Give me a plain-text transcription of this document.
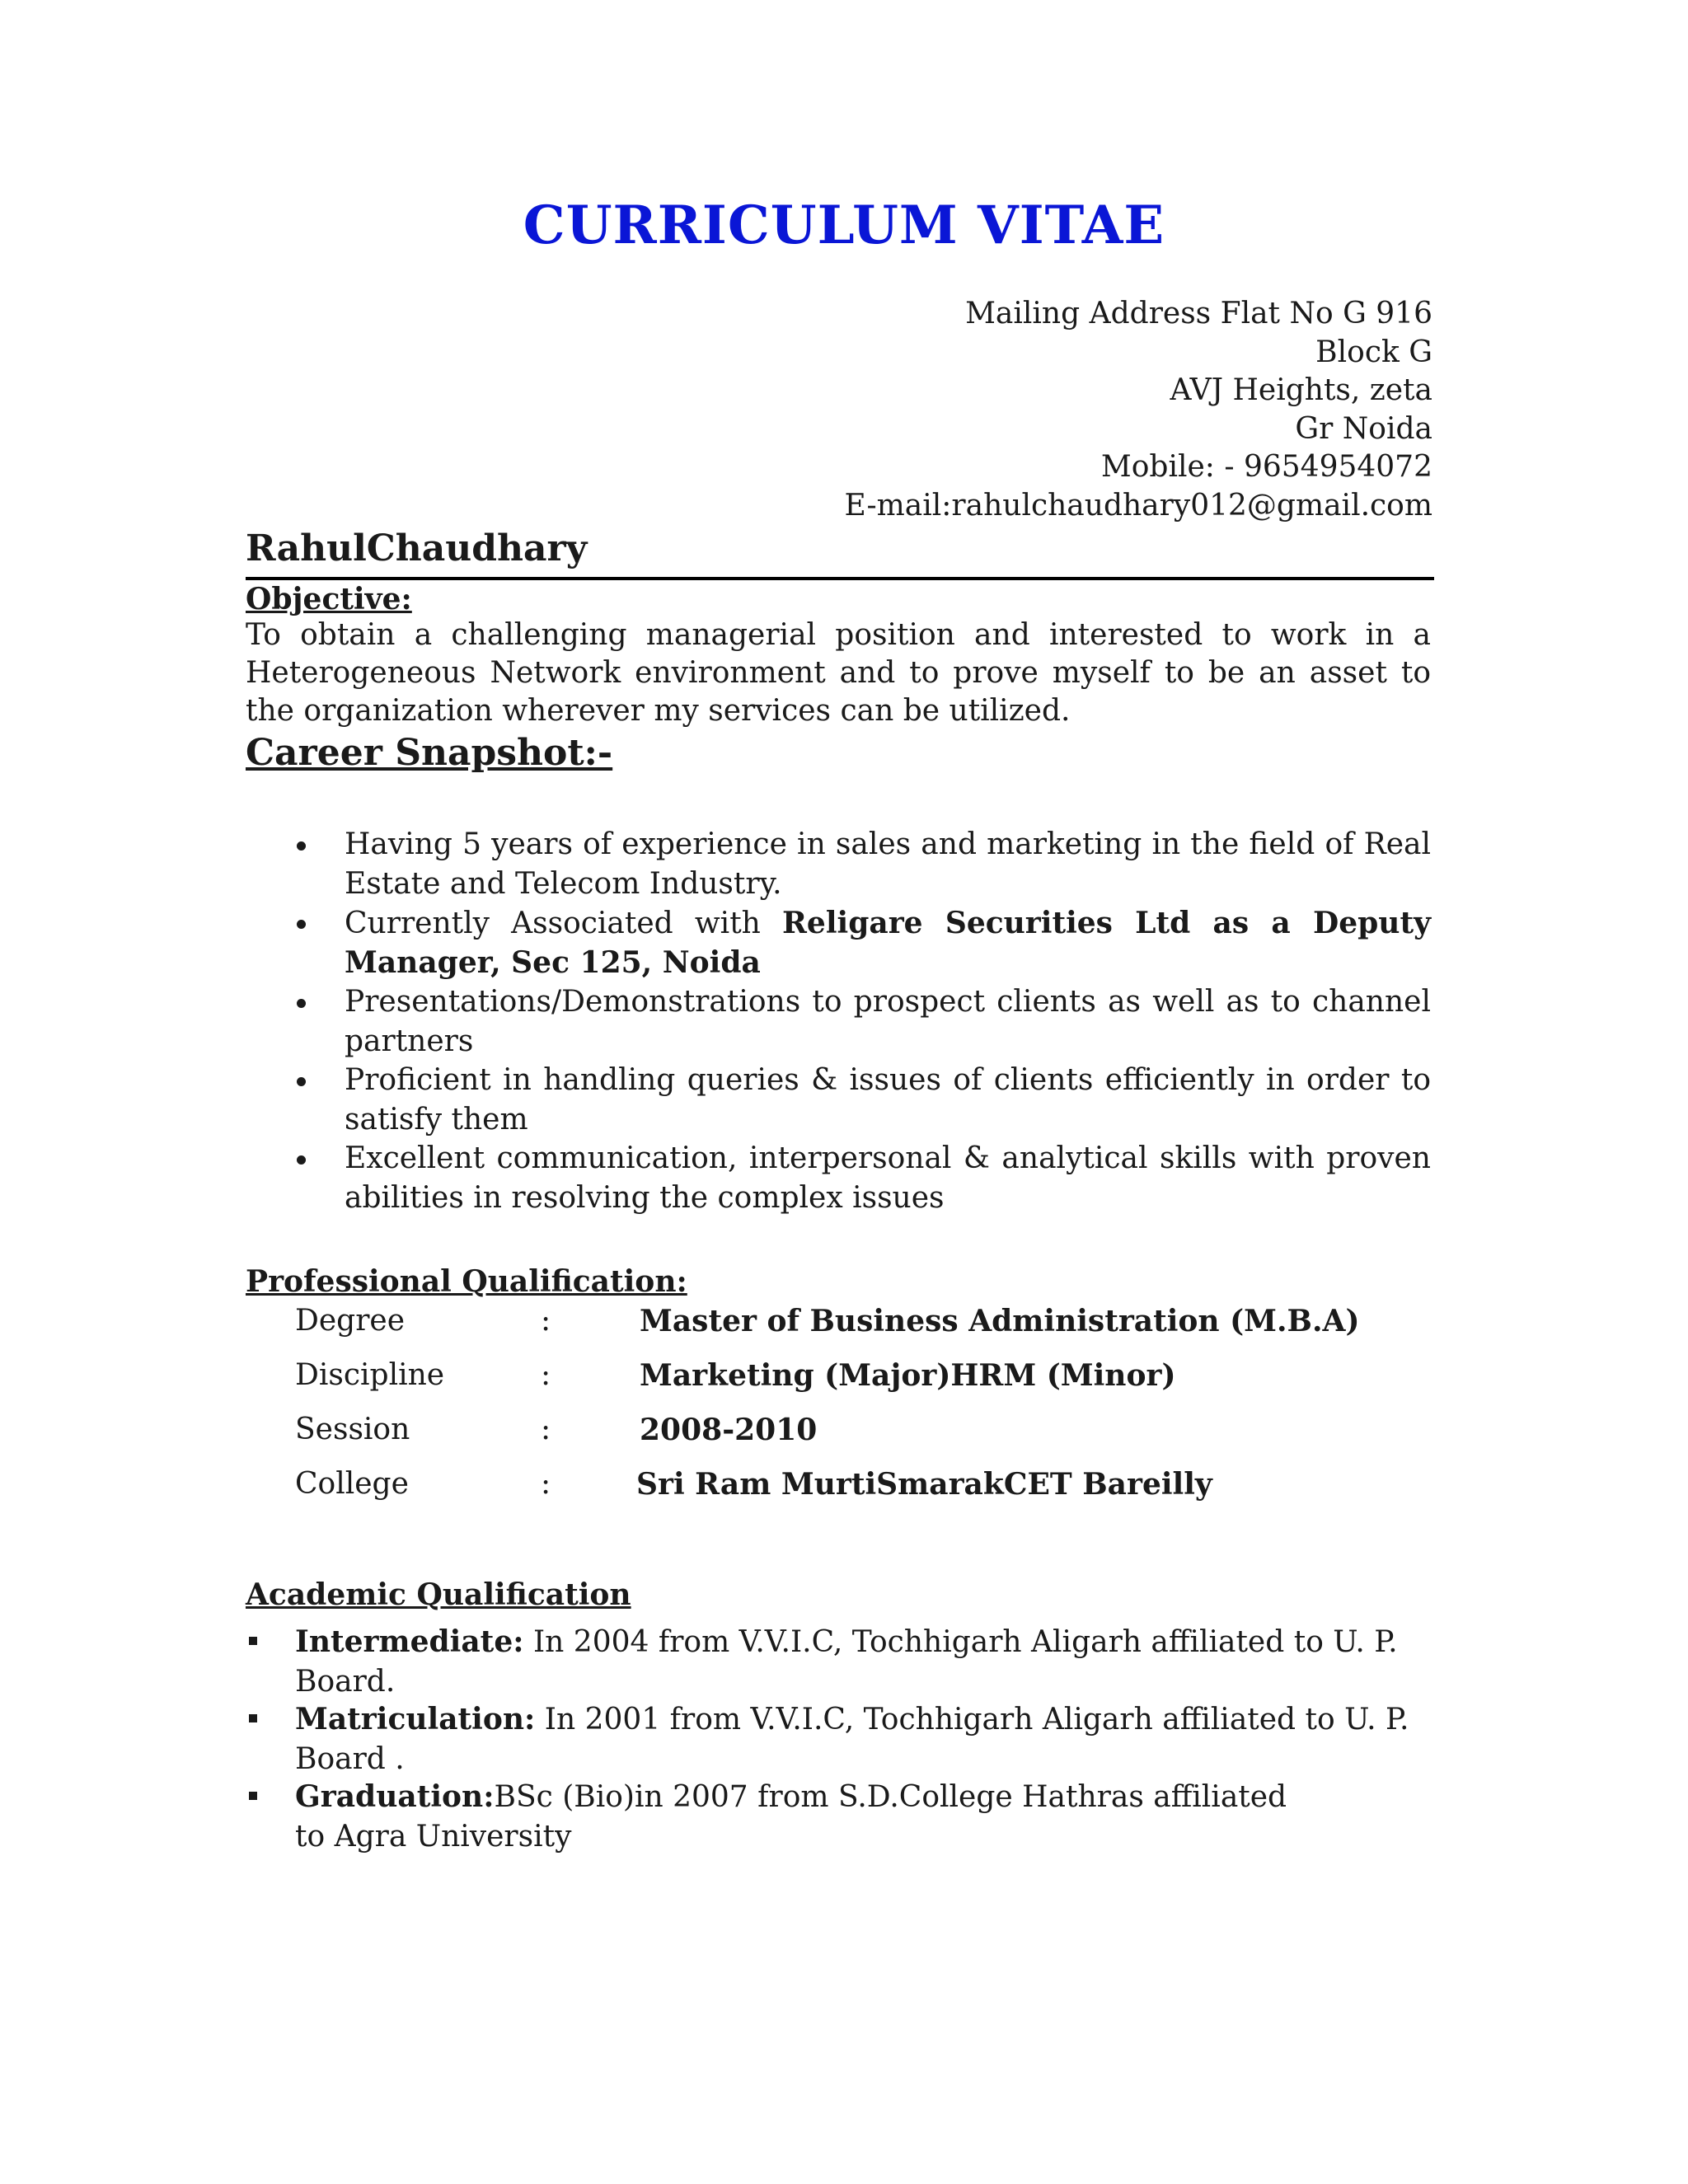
CURRICULUM VITAE
Mailing Address Flat No G 916
Block G
AVJ Heights, zeta
Gr Noida
Mobile: - 9654954072
E-mail:rahulchaudhary012@gmail.com
RahulChaudhary
Objective:
To obtain a challenging managerial position and interested to work in a Heterogeneous Network environment and to prove myself to be an asset to the organization wherever my services can be utilized.
Career Snapshot:-
Having 5 years of experience in sales and marketing in the field of Real Estate and Telecom Industry.
Currently Associated with Religare Securities Ltd as a Deputy Manager, Sec 125, Noida
Presentations/Demonstrations to prospect clients as well as to channel partners
Proficient in handling queries & issues of clients efficiently in order to satisfy them
Excellent communication, interpersonal & analytical skills with proven abilities in resolving the complex issues
Professional Qualification:
Degree	:	Master of Business Administration (M.B.A)
Discipline	:	Marketing (Major)HRM (Minor)
Session	:	2008-2010
College	:	Sri Ram MurtiSmarakCET Bareilly
Academic Qualification
Intermediate: In 2004 from V.V.I.C, Tochhigarh Aligarh affiliated to U. P. Board.
Matriculation: In 2001 from V.V.I.C, Tochhigarh Aligarh affiliated to U. P. Board .
Graduation:BSc (Bio)in 2007 from S.D.College Hathras affiliated to Agra University
